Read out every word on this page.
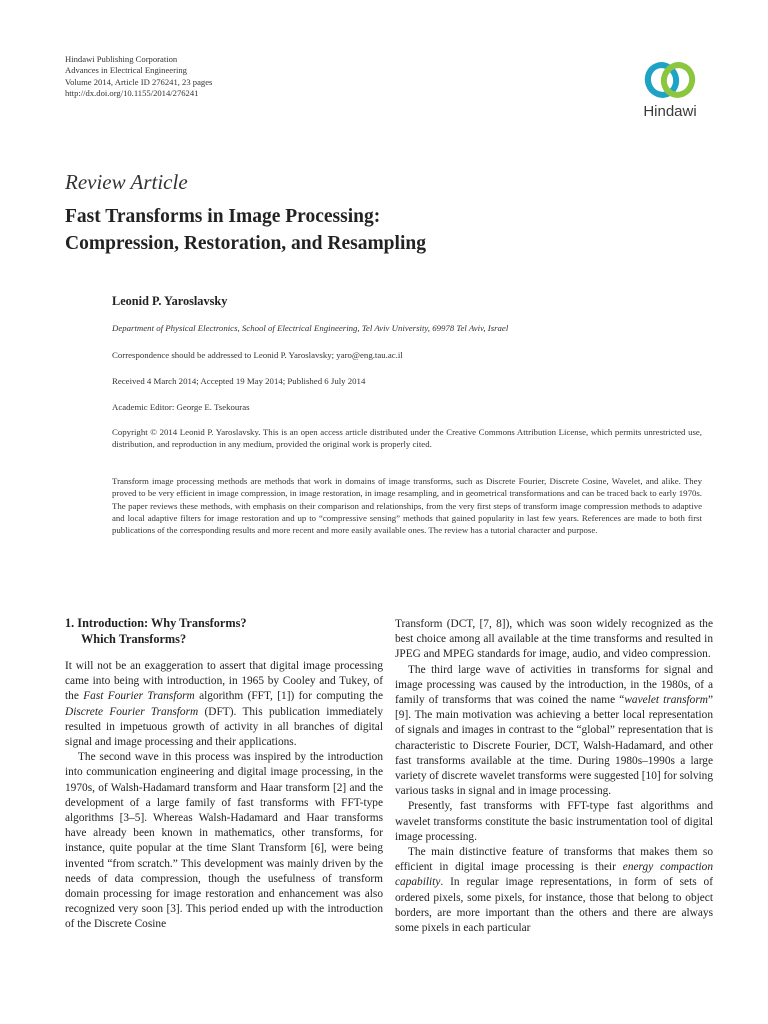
Hindawi Publishing Corporation
Advances in Electrical Engineering
Volume 2014, Article ID 276241, 23 pages
http://dx.doi.org/10.1155/2014/276241
Hindawi
Review Article
Fast Transforms in Image Processing:
Compression, Restoration, and Resampling
Leonid P. Yaroslavsky
Department of Physical Electronics, School of Electrical Engineering, Tel Aviv University, 69978 Tel Aviv, Israel
Correspondence should be addressed to Leonid P. Yaroslavsky; yaro@eng.tau.ac.il
Received 4 March 2014; Accepted 19 May 2014; Published 6 July 2014
Academic Editor: George E. Tsekouras
Copyright © 2014 Leonid P. Yaroslavsky. This is an open access article distributed under the Creative Commons Attribution License, which permits unrestricted use, distribution, and reproduction in any medium, provided the original work is properly cited.
Transform image processing methods are methods that work in domains of image transforms, such as Discrete Fourier, Discrete Cosine, Wavelet, and alike. They proved to be very efficient in image compression, in image restoration, in image resampling, and in geometrical transformations and can be traced back to early 1970s. The paper reviews these methods, with emphasis on their comparison and relationships, from the very first steps of transform image compression methods to adaptive and local adaptive filters for image restoration and up to “compressive sensing” methods that gained popularity in last few years. References are made to both first publications of the corresponding results and more recent and more easily available ones. The review has a tutorial character and purpose.
1. Introduction: Why Transforms?
Which Transforms?

It will not be an exaggeration to assert that digital image processing came into being with introduction, in 1965 by Cooley and Tukey, of the Fast Fourier Transform algorithm (FFT, [1]) for computing the Discrete Fourier Transform (DFT). This publication immediately resulted in impetuous growth of activity in all branches of digital signal and image processing and their applications.

The second wave in this process was inspired by the introduction into communication engineering and digital image processing, in the 1970s, of Walsh-Hadamard transform and Haar transform [2] and the development of a large family of fast transforms with FFT-type algorithms [3–5]. Whereas Walsh-Hadamard and Haar transforms have already been known in mathematics, other transforms, for instance, quite popular at the time Slant Transform [6], were being invented “from scratch.” This development was mainly driven by the needs of data compression, though the usefulness of transform domain processing for image restoration and enhancement was also recognized very soon [3]. This period ended up with the introduction of the Discrete Cosine

Transform (DCT, [7, 8]), which was soon widely recognized as the best choice among all available at the time transforms and resulted in JPEG and MPEG standards for image, audio, and video compression.

The third large wave of activities in transforms for signal and image processing was caused by the introduction, in the 1980s, of a family of transforms that was coined the name “wavelet transform” [9]. The main motivation was achieving a better local representation of signals and images in contrast to the “global” representation that is characteristic to Discrete Fourier, DCT, Walsh-Hadamard, and other fast transforms available at the time. During 1980s–1990s a large variety of discrete wavelet transforms were suggested [10] for solving various tasks in signal and in image processing.

Presently, fast transforms with FFT-type fast algorithms and wavelet transforms constitute the basic instrumentation tool of digital image processing.

The main distinctive feature of transforms that makes them so efficient in digital image processing is their energy compaction capability. In regular image representations, in form of sets of ordered pixels, some pixels, for instance, those that belong to object borders, are more important than the others and there are always some pixels in each particular
